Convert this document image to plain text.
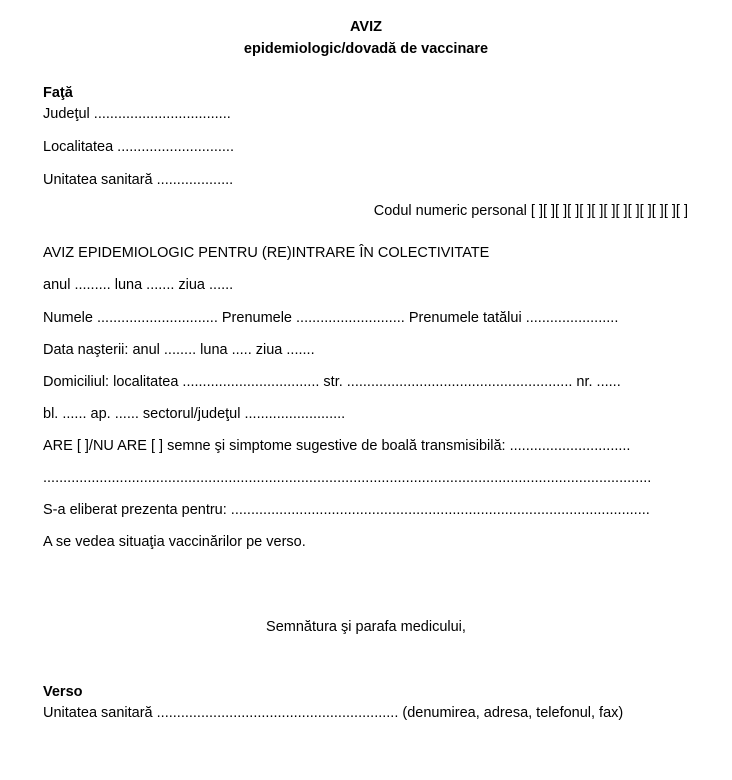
AVIZ
epidemiologic/dovadă de vaccinare
Faţă
Judeţul ..................................
Localitatea .............................
Unitatea sanitară ...................
Codul numeric personal [ ][ ][ ][ ][ ][ ][ ][ ][ ][ ][ ][ ][ ]
AVIZ EPIDEMIOLOGIC PENTRU (RE)INTRARE ÎN COLECTIVITATE
anul ......... luna ....... ziua ......
Numele .............................. Prenumele ........................... Prenumele tatălui .......................
Data naşterii: anul ........ luna ..... ziua .......
Domiciliul: localitatea .................................. str. ........................................................ nr. ......
bl. ...... ap. ...... sectorul/judeţul .........................
ARE [ ]/NU ARE [ ] semne şi simptome sugestive de boală transmisibilă: ..............................
.......................................................................................................................................................
S-a eliberat prezenta pentru: ........................................................................................................
A se vedea situaţia vaccinărilor pe verso.
Semnătura şi parafa medicului,
Verso
Unitatea sanitară ............................................................ (denumirea, adresa, telefonul, fax)
